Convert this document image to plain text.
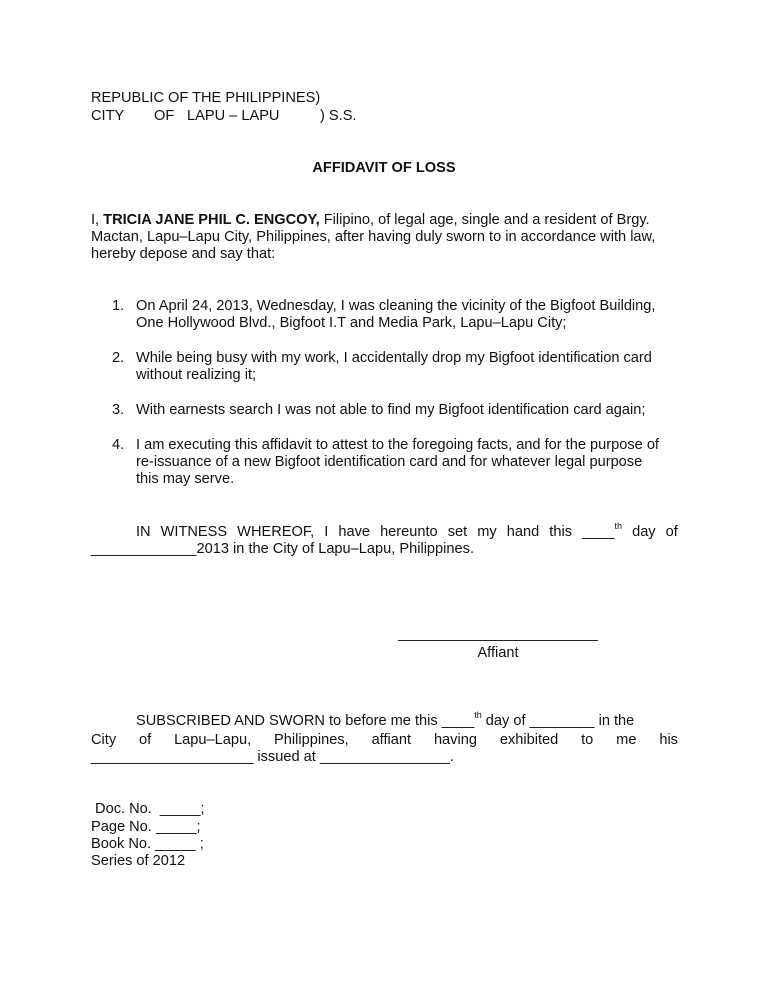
REPUBLIC OF THE PHILIPPINES)
CITY OF LAPU – LAPU	) S.S.
AFFIDAVIT OF LOSS
I, TRICIA JANE PHIL C. ENGCOY, Filipino, of legal age, single and a resident of Brgy.
Mactan, Lapu–Lapu City, Philippines, after having duly sworn to in accordance with law,
hereby depose and say that:
1. On April 24, 2013, Wednesday, I was cleaning the vicinity of the Bigfoot Building,
One Hollywood Blvd., Bigfoot I.T and Media Park, Lapu–Lapu City;
2. While being busy with my work, I accidentally drop my Bigfoot identification card
without realizing it;
3. With earnests search I was not able to find my Bigfoot identification card again;
4. I am executing this affidavit to attest to the foregoing facts, and for the purpose of
re-issuance of a new Bigfoot identification card and for whatever legal purpose
this may serve.
IN WITNESS WHEREOF, I have hereunto set my hand this ____$^{th}$ day of
_____________2013 in the City of Lapu–Lapu, Philippines.
Affiant
SUBSCRIBED AND SWORN to before me this ____$^{th}$ day of ________ in the
City of Lapu–Lapu, Philippines, affiant having exhibited to me his
____________________ issued at ________________.
Doc. No.  _____;
Page No. _____;
Book No. _____ ;
Series of 2012
